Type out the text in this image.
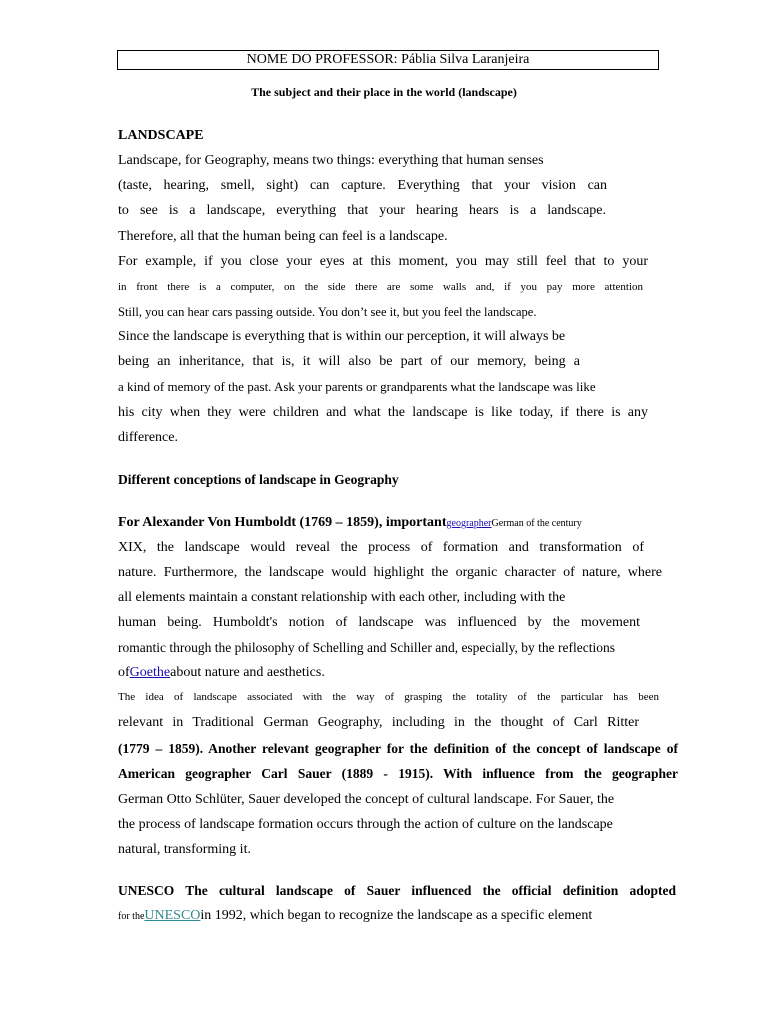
NOME DO PROFESSOR: Páblia Silva Laranjeira
The subject and their place in the world (landscape)
LANDSCAPE
Landscape, for Geography, means two things: everything that human senses
(taste, hearing, smell, sight) can capture. Everything that your vision can
to see is a landscape, everything that your hearing hears is a landscape.
Therefore, all that the human being can feel is a landscape.
For example, if you close your eyes at this moment, you may still feel that to your
in front there is a computer, on the side there are some walls and, if you pay more attention
Still, you can hear cars passing outside. You don’t see it, but you feel the landscape.
Since the landscape is everything that is within our perception, it will always be
being an inheritance, that is, it will also be part of our memory, being a
a kind of memory of the past. Ask your parents or grandparents what the landscape was like
his city when they were children and what the landscape is like today, if there is any
difference.
Different conceptions of landscape in Geography
For Alexander Von Humboldt (1769 – 1859), importantgeographerGerman of the century
XIX, the landscape would reveal the process of formation and transformation of
nature. Furthermore, the landscape would highlight the organic character of nature, where
all elements maintain a constant relationship with each other, including with the
human being. Humboldt's notion of landscape was influenced by the movement
romantic through the philosophy of Schelling and Schiller and, especially, by the reflections
ofGoetheabout nature and aesthetics.
The idea of landscape associated with the way of grasping the totality of the particular has been
relevant in Traditional German Geography, including in the thought of Carl Ritter
(1779 – 1859). Another relevant geographer for the definition of the concept of landscape of
American geographer Carl Sauer (1889 - 1915). With influence from the geographer
German Otto Schlüter, Sauer developed the concept of cultural landscape. For Sauer, the
the process of landscape formation occurs through the action of culture on the landscape
natural, transforming it.
UNESCO The cultural landscape of Sauer influenced the official definition adopted
for theUNESCOin 1992, which began to recognize the landscape as a specific element
